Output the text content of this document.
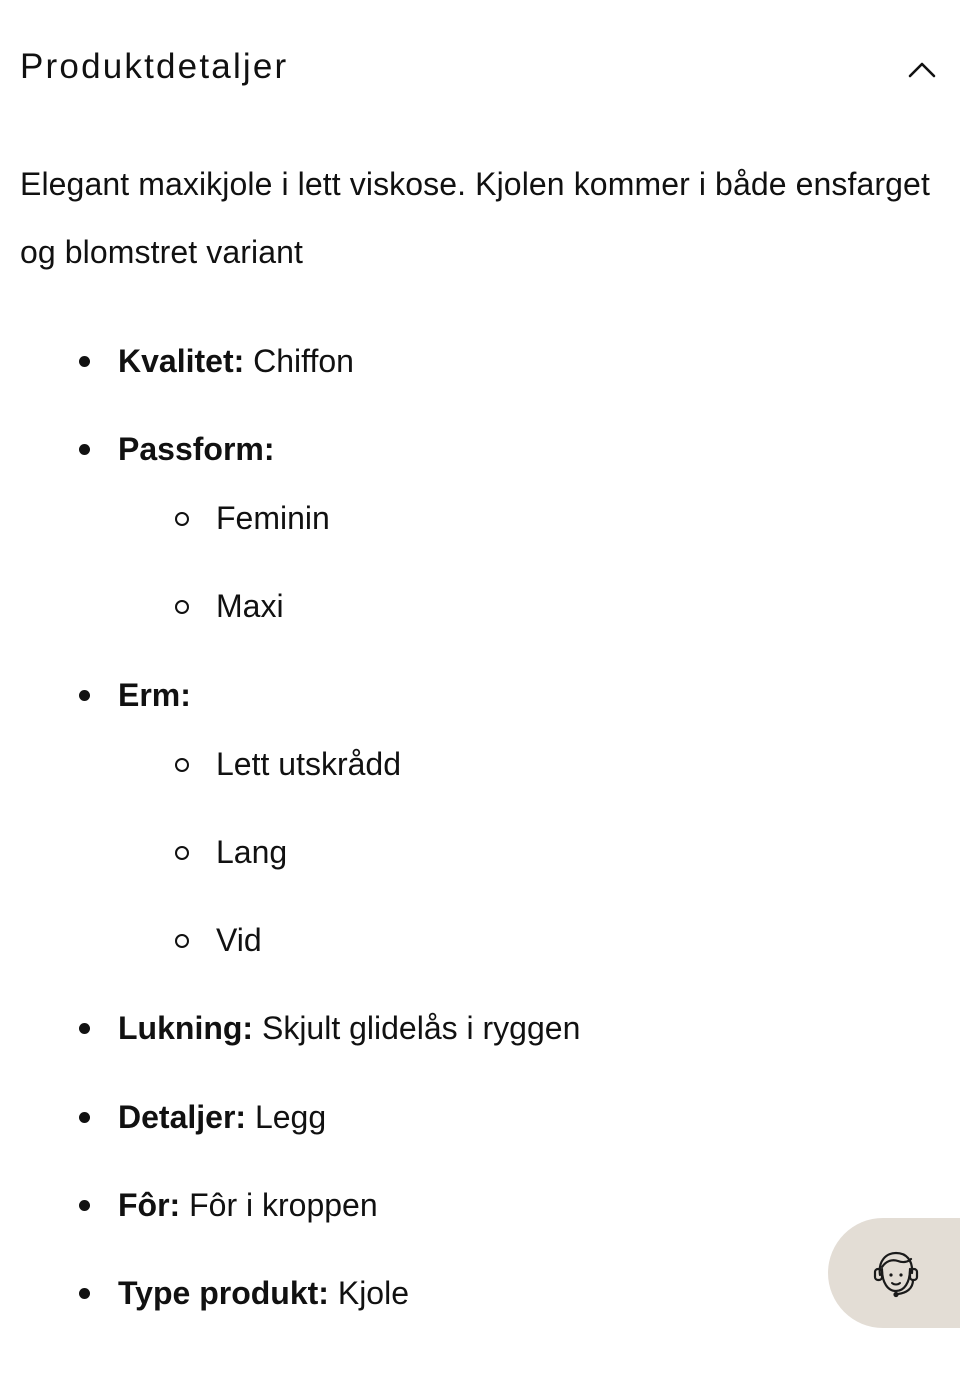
Produktdetaljer

Elegant maxikjole i lett viskose. Kjolen kommer i både ensfarget og blomstret variant

Kvalitet: Chiffon
Passform:
Feminin
Maxi
Erm:
Lett utskrådd
Lang
Vid
Lukning: Skjult glidelås i ryggen
Detaljer: Legg
Fôr: Fôr i kroppen
Type produkt: Kjole
